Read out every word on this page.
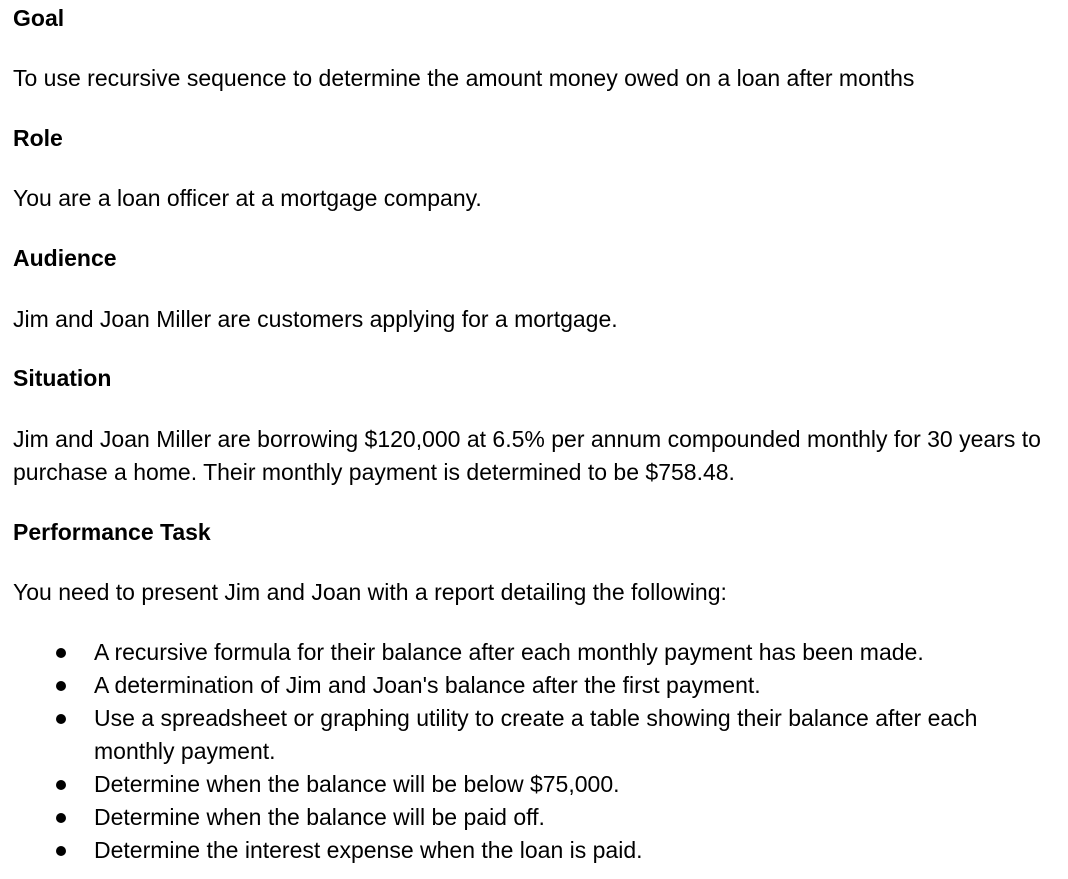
Goal

To use recursive sequence to determine the amount money owed on a loan after months

Role

You are a loan officer at a mortgage company.

Audience

Jim and Joan Miller are customers applying for a mortgage.

Situation

Jim and Joan Miller are borrowing $120,000 at 6.5% per annum compounded monthly for 30 years to purchase a home. Their monthly payment is determined to be $758.48.

Performance Task

You need to present Jim and Joan with a report detailing the following:

A recursive formula for their balance after each monthly payment has been made.
A determination of Jim and Joan's balance after the first payment.
Use a spreadsheet or graphing utility to create a table showing their balance after each monthly payment.
Determine when the balance will be below $75,000.
Determine when the balance will be paid off.
Determine the interest expense when the loan is paid.
